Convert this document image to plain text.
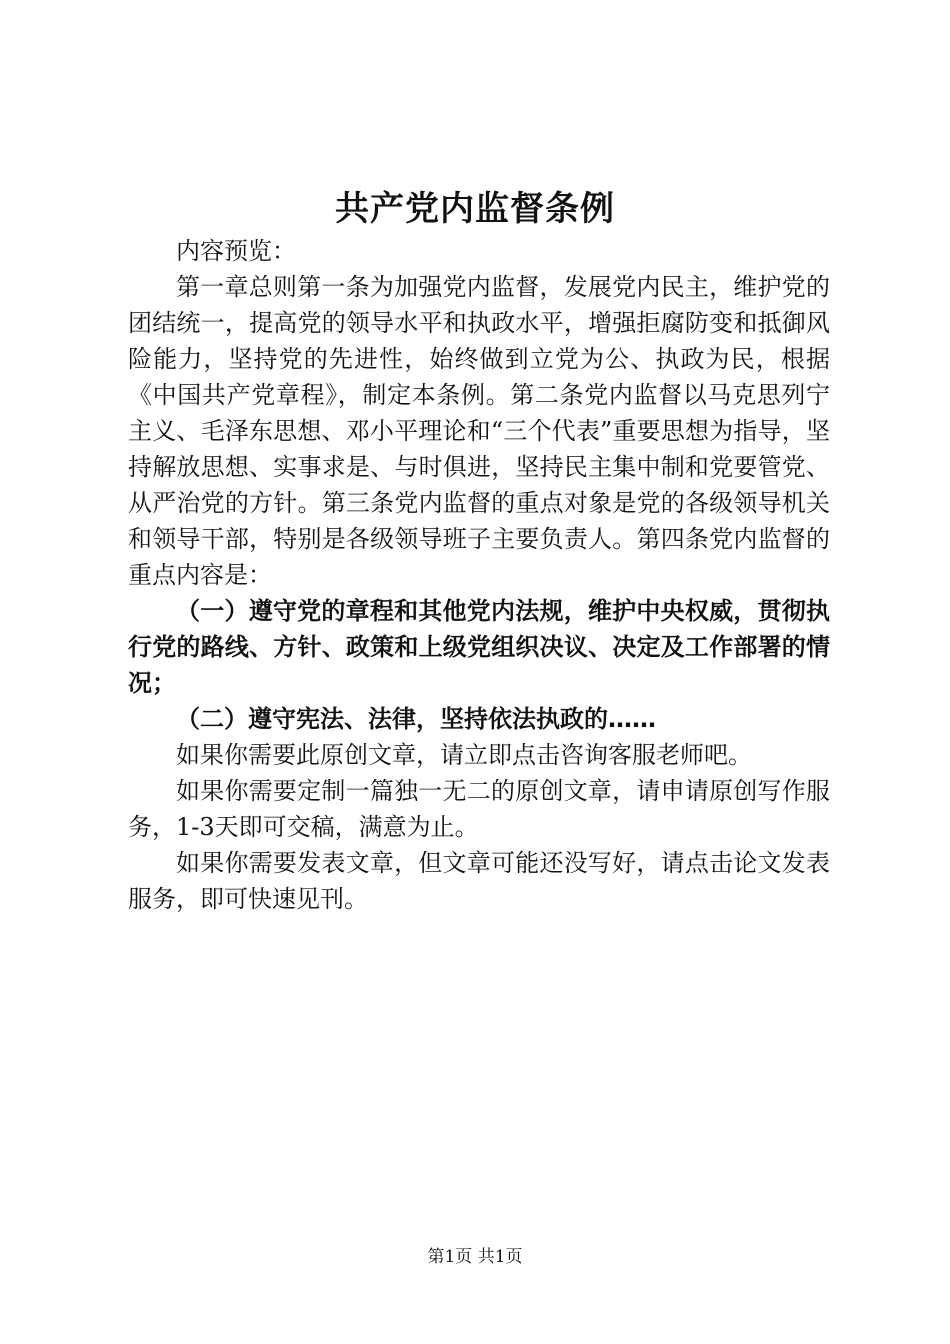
共产党内监督条例

内容预览：

第一章总则第一条为加强党内监督，发展党内民主，维护党的团结统一，提高党的领导水平和执政水平，增强拒腐防变和抵御风险能力，坚持党的先进性，始终做到立党为公、执政为民，根据《中国共产党章程》，制定本条例。第二条党内监督以马克思列宁主义、毛泽东思想、邓小平理论和“三个代表”重要思想为指导，坚持解放思想、实事求是、与时俱进，坚持民主集中制和党要管党、从严治党的方针。第三条党内监督的重点对象是党的各级领导机关和领导干部，特别是各级领导班子主要负责人。第四条党内监督的重点内容是：

（一）遵守党的章程和其他党内法规，维护中央权威，贯彻执行党的路线、方针、政策和上级党组织决议、决定及工作部署的情况；

（二）遵守宪法、法律，坚持依法执政的……

如果你需要此原创文章，请立即点击咨询客服老师吧。

如果你需要定制一篇独一无二的原创文章，请申请原创写作服务，1-3天即可交稿，满意为止。

如果你需要发表文章，但文章可能还没写好，请点击论文发表服务，即可快速见刊。

第1页 共1页
